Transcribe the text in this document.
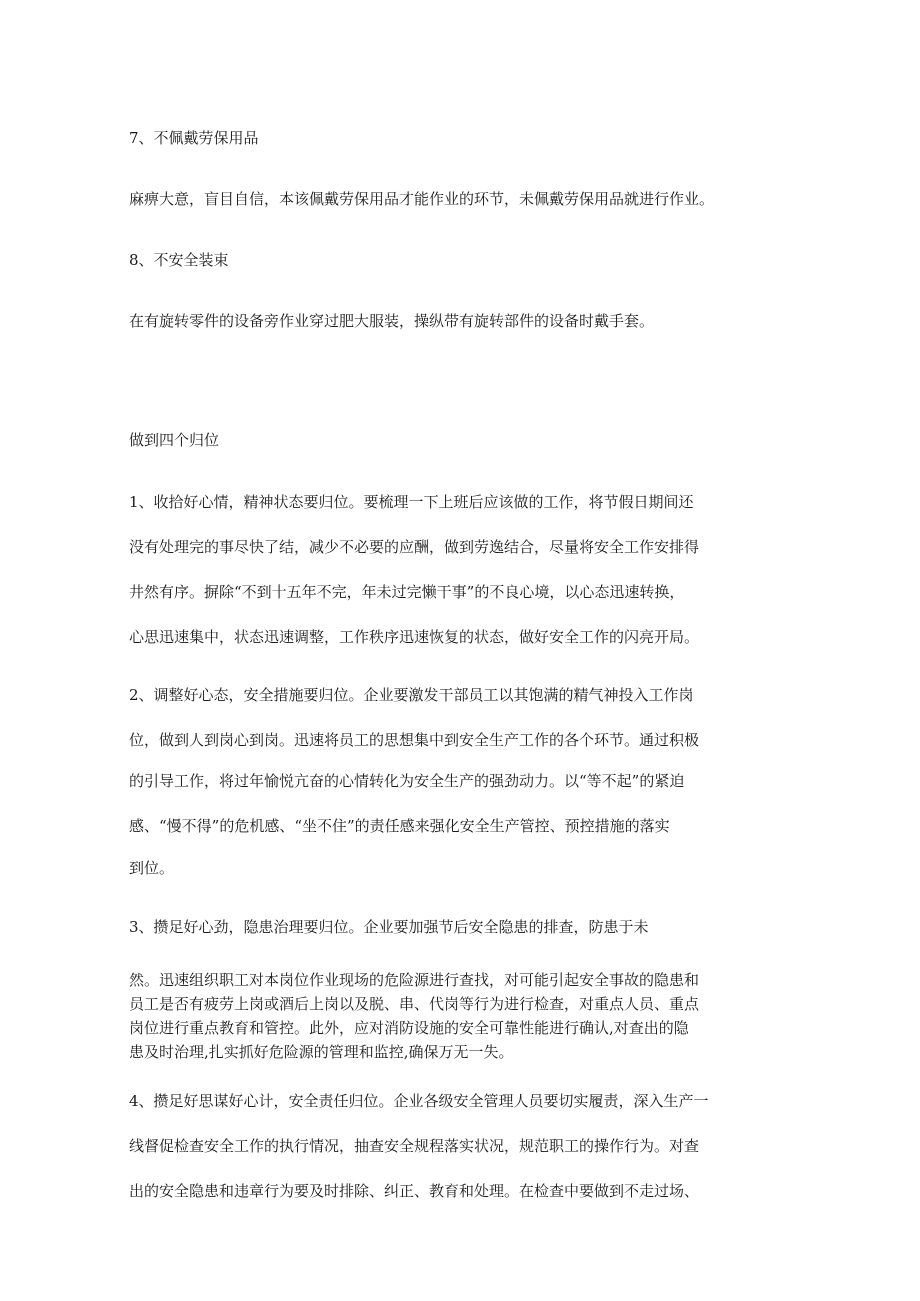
7、不佩戴劳保用品
麻痹大意，盲目自信，本该佩戴劳保用品才能作业的环节，未佩戴劳保用品就进行作业。
8、不安全装束
在有旋转零件的设备旁作业穿过肥大服装，操纵带有旋转部件的设备时戴手套。
做到四个归位
1、收拾好心情，精神状态要归位。要梳理一下上班后应该做的工作，将节假日期间还
没有处理完的事尽快了结，减少不必要的应酬，做到劳逸结合，尽量将安全工作安排得
井然有序。摒除“不到十五年不完，年未过完懒干事”的不良心境，以心态迅速转换，
心思迅速集中，状态迅速调整，工作秩序迅速恢复的状态，做好安全工作的闪亮开局。
2、调整好心态，安全措施要归位。企业要激发干部员工以其饱满的精气神投入工作岗
位，做到人到岗心到岗。迅速将员工的思想集中到安全生产工作的各个环节。通过积极
的引导工作，将过年愉悦亢奋的心情转化为安全生产的强劲动力。以“等不起”的紧迫
感、“慢不得”的危机感、“坐不住”的责任感来强化安全生产管控、预控措施的落实
到位。
3、攒足好心劲，隐患治理要归位。企业要加强节后安全隐患的排查，防患于未
然。迅速组织职工对本岗位作业现场的危险源进行查找，对可能引起安全事故的隐患和
员工是否有疲劳上岗或酒后上岗以及脱、串、代岗等行为进行检查，对重点人员、重点
岗位进行重点教育和管控。此外，应对消防设施的安全可靠性能进行确认,对查出的隐
患及时治理,扎实抓好危险源的管理和监控,确保万无一失。
4、攒足好思谋好心计，安全责任归位。企业各级安全管理人员要切实履责，深入生产一
线督促检查安全工作的执行情况，抽查安全规程落实状况，规范职工的操作行为。对查
出的安全隐患和违章行为要及时排除、纠正、教育和处理。在检查中要做到不走过场、
